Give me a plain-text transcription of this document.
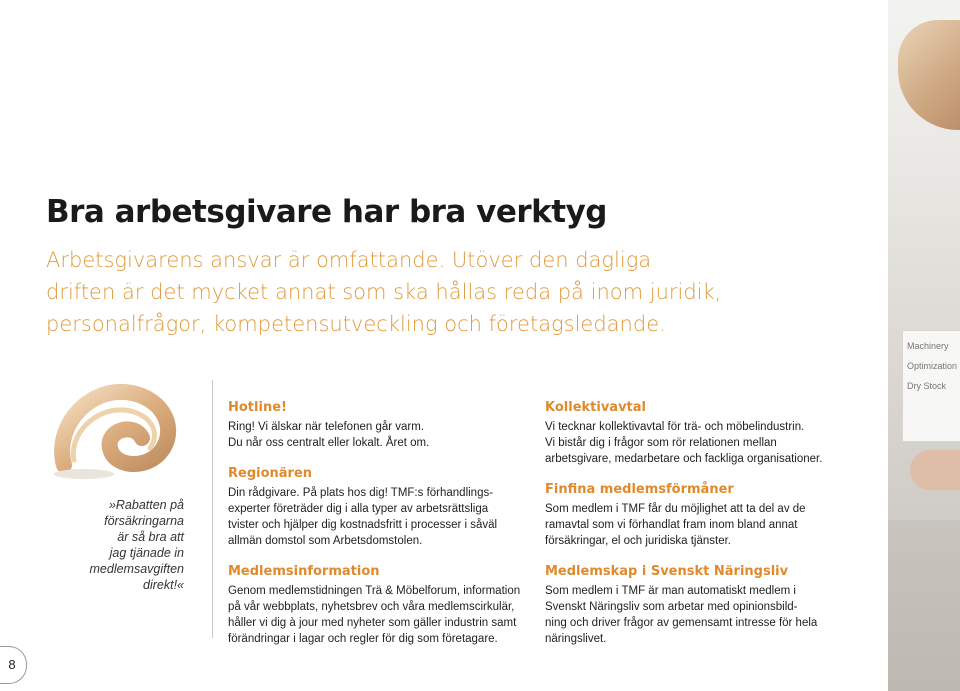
Machinery
Optimization
Dry Stock
Bra arbetsgivare har bra verktyg

Arbetsgivarens ansvar är omfattande. Utöver den dagliga
driften är det mycket annat som ska hållas reda på inom juridik,
personalfrågor, kompetensutveckling och företagsledande.

»Rabatten på
försäkringarna
är så bra att
jag tjänade in
medlemsavgiften
direkt!«

Hotline!

Ring! Vi älskar när telefonen går varm.
Du når oss centralt eller lokalt. Året om.

Regionären

Din rådgivare. På plats hos dig! TMF:s förhandlings-
experter företräder dig i alla typer av arbetsrättsliga
tvister och hjälper dig kostnadsfritt i processer i såväl
allmän domstol som Arbetsdomstolen.

Medlemsinformation

Genom medlemstidningen Trä & Möbelforum, information
på vår webbplats, nyhetsbrev och våra medlemscirkulär,
håller vi dig à jour med nyheter som gäller industrin samt
förändringar i lagar och regler för dig som företagare.

Kollektivavtal

Vi tecknar kollektivavtal för trä- och möbelindustrin.
Vi bistår dig i frågor som rör relationen mellan
arbetsgivare, medarbetare och fackliga organisationer.

Finfina medlemsförmåner

Som medlem i TMF får du möjlighet att ta del av de
ramavtal som vi förhandlat fram inom bland annat
försäkringar, el och juridiska tjänster.

Medlemskap i Svenskt Näringsliv

Som medlem i TMF är man automatiskt medlem i
Svenskt Näringsliv som arbetar med opinionsbild-
ning och driver frågor av gemensamt intresse för hela
näringslivet.

8
